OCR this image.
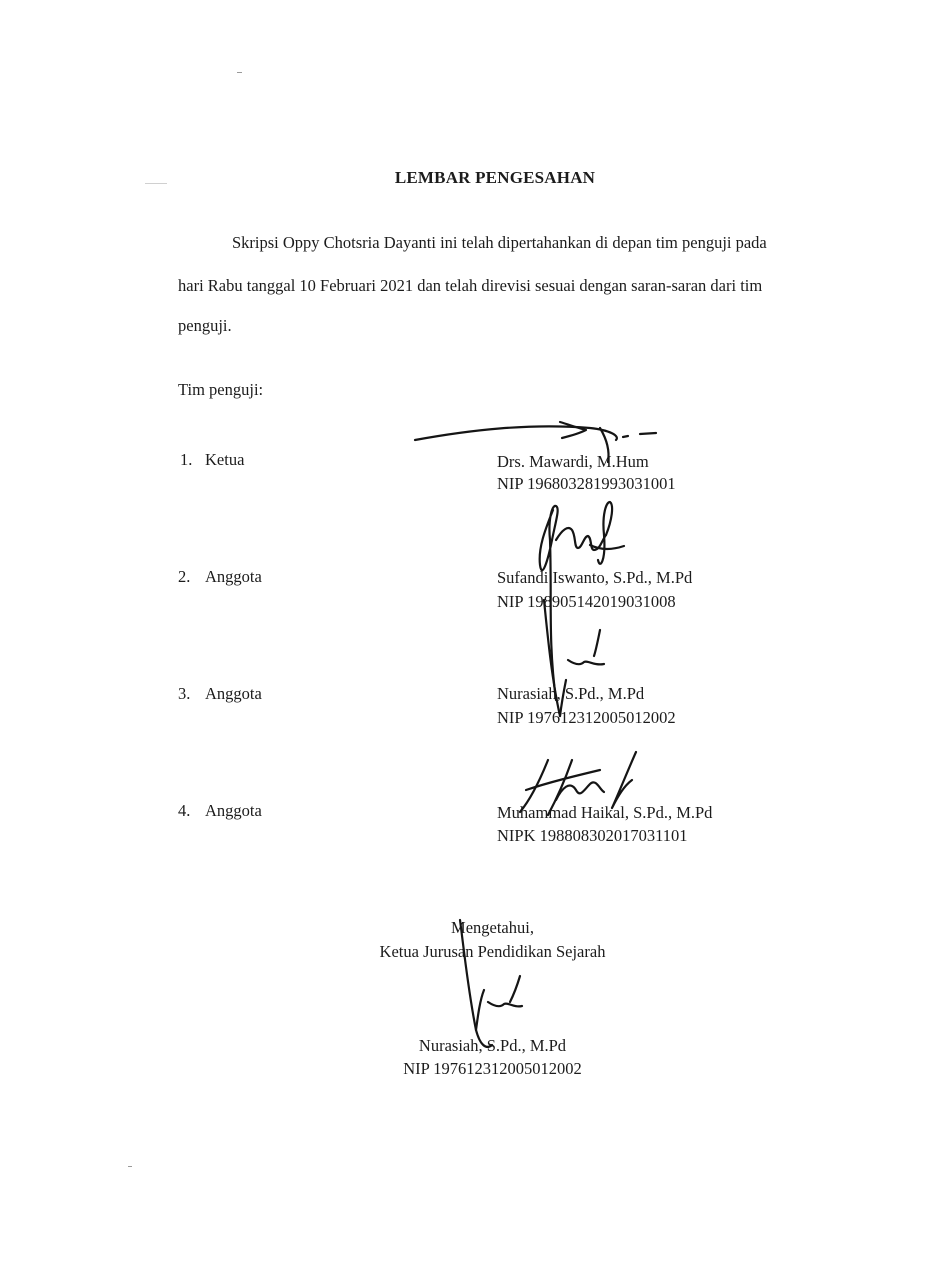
LEMBAR PENGESAHAN
Skripsi Oppy Chotsria Dayanti ini telah dipertahankan di depan tim penguji pada
hari Rabu tanggal 10 Februari 2021 dan telah direvisi sesuai dengan saran-saran dari tim
penguji.
Tim penguji:
1. Ketua	Drs. Mawardi, M.Hum
NIP 196803281993031001
2. Anggota	Sufandi Iswanto, S.Pd., M.Pd
NIP 198905142019031008
3. Anggota	Nurasiah, S.Pd., M.Pd
NIP 197612312005012002
4. Anggota	Muhammad Haikal, S.Pd., M.Pd
NIPK 198808302017031101
Mengetahui,
Ketua Jurusan Pendidikan Sejarah
Nurasiah, S.Pd., M.Pd
NIP 197612312005012002
